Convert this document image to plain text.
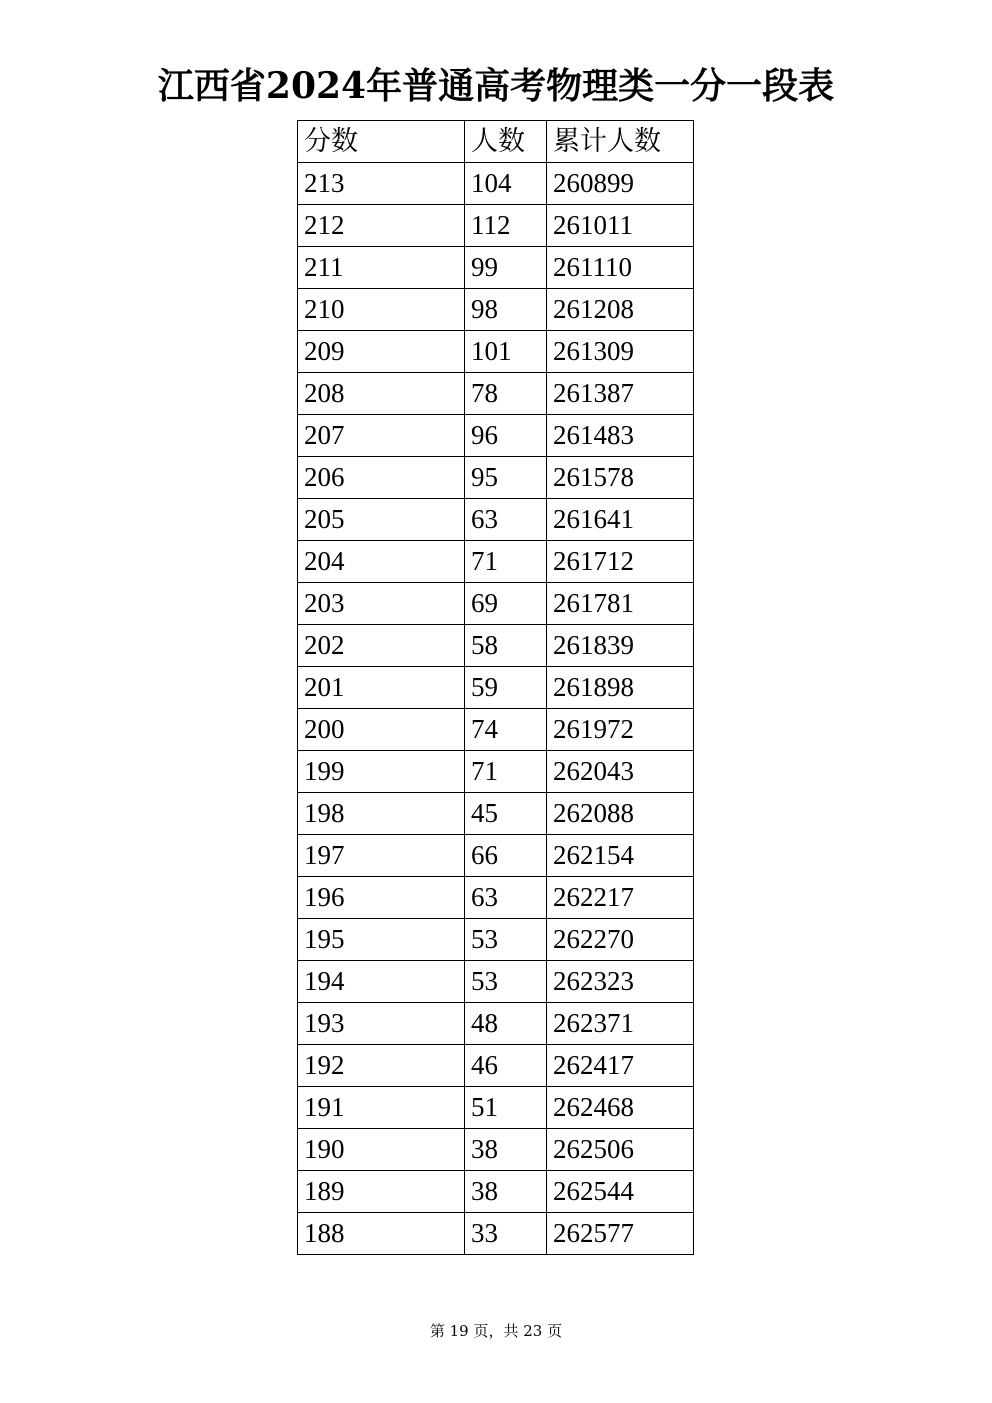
江西省2024年普通高考物理类一分一段表
分数	人数	累计人数
213	104	260899
212	112	261011
211	99	261110
210	98	261208
209	101	261309
208	78	261387
207	96	261483
206	95	261578
205	63	261641
204	71	261712
203	69	261781
202	58	261839
201	59	261898
200	74	261972
199	71	262043
198	45	262088
197	66	262154
196	63	262217
195	53	262270
194	53	262323
193	48	262371
192	46	262417
191	51	262468
190	38	262506
189	38	262544
188	33	262577
第 19 页，共 23 页
